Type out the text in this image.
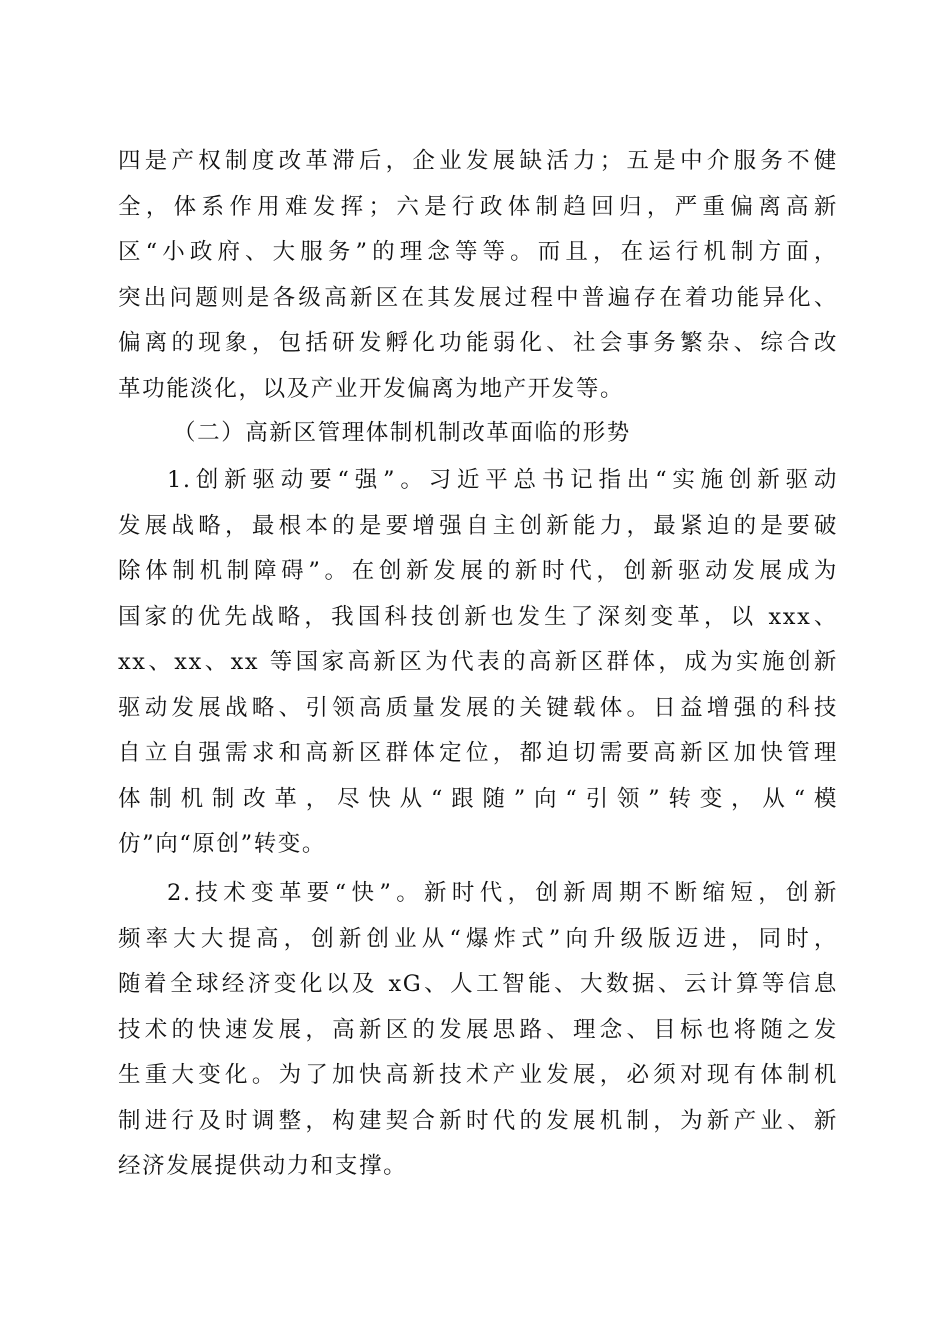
四是产权制度改革滞后，企业发展缺活力；五是中介服务不健
全，体系作用难发挥；六是行政体制趋回归，严重偏离高新
区“小政府、大服务”的理念等等。而且，在运行机制方面，
突出问题则是各级高新区在其发展过程中普遍存在着功能异化、
偏离的现象，包括研发孵化功能弱化、社会事务繁杂、综合改
革功能淡化，以及产业开发偏离为地产开发等。
（二）高新区管理体制机制改革面临的形势
1.创新驱动要“强”。习近平总书记指出“实施创新驱动
发展战略，最根本的是要增强自主创新能力，最紧迫的是要破
除体制机制障碍”。在创新发展的新时代，创新驱动发展成为
国家的优先战略，我国科技创新也发生了深刻变革，以 xxx、
xx、xx、xx 等国家高新区为代表的高新区群体，成为实施创新
驱动发展战略、引领高质量发展的关键载体。日益增强的科技
自立自强需求和高新区群体定位，都迫切需要高新区加快管理
体制机制改革，尽快从“跟随”向“引领”转变，从“模
仿”向“原创”转变。
2.技术变革要“快”。新时代，创新周期不断缩短，创新
频率大大提高，创新创业从“爆炸式”向升级版迈进，同时，
随着全球经济变化以及 xG、人工智能、大数据、云计算等信息
技术的快速发展，高新区的发展思路、理念、目标也将随之发
生重大变化。为了加快高新技术产业发展，必须对现有体制机
制进行及时调整，构建契合新时代的发展机制，为新产业、新
经济发展提供动力和支撑。
